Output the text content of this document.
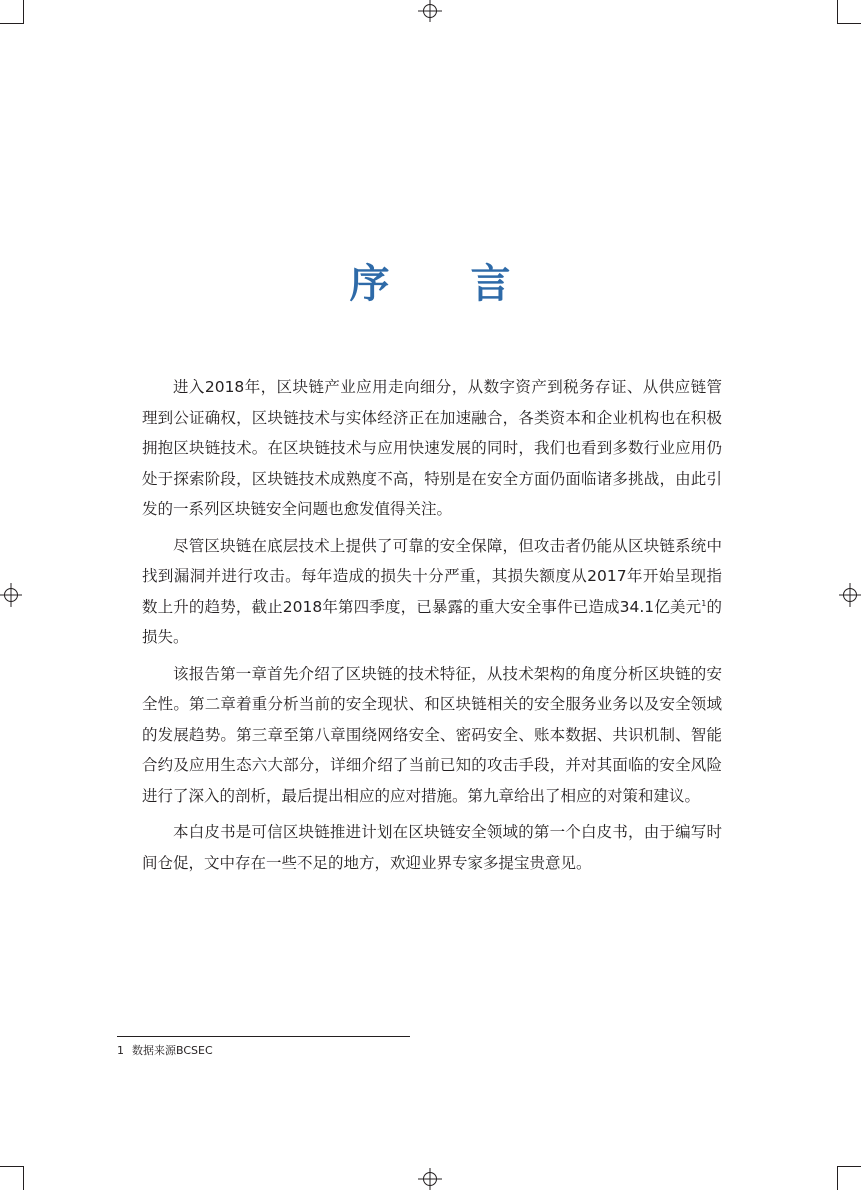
序 言

进入2018年，区块链产业应用走向细分，从数字资产到税务存证、从供应链管理到公证确权，区块链技术与实体经济正在加速融合，各类资本和企业机构也在积极拥抱区块链技术。在区块链技术与应用快速发展的同时，我们也看到多数行业应用仍处于探索阶段，区块链技术成熟度不高，特别是在安全方面仍面临诸多挑战，由此引发的一系列区块链安全问题也愈发值得关注。

尽管区块链在底层技术上提供了可靠的安全保障，但攻击者仍能从区块链系统中找到漏洞并进行攻击。每年造成的损失十分严重，其损失额度从2017年开始呈现指数上升的趋势，截止2018年第四季度，已暴露的重大安全事件已造成34.1亿美元$^1$的损失。

该报告第一章首先介绍了区块链的技术特征，从技术架构的角度分析区块链的安全性。第二章着重分析当前的安全现状、和区块链相关的安全服务业务以及安全领域的发展趋势。第三章至第八章围绕网络安全、密码安全、账本数据、共识机制、智能合约及应用生态六大部分，详细介绍了当前已知的攻击手段，并对其面临的安全风险进行了深入的剖析，最后提出相应的应对措施。第九章给出了相应的对策和建议。

本白皮书是可信区块链推进计划在区块链安全领域的第一个白皮书，由于编写时间仓促，文中存在一些不足的地方，欢迎业界专家多提宝贵意见。

1 数据来源BCSEC
